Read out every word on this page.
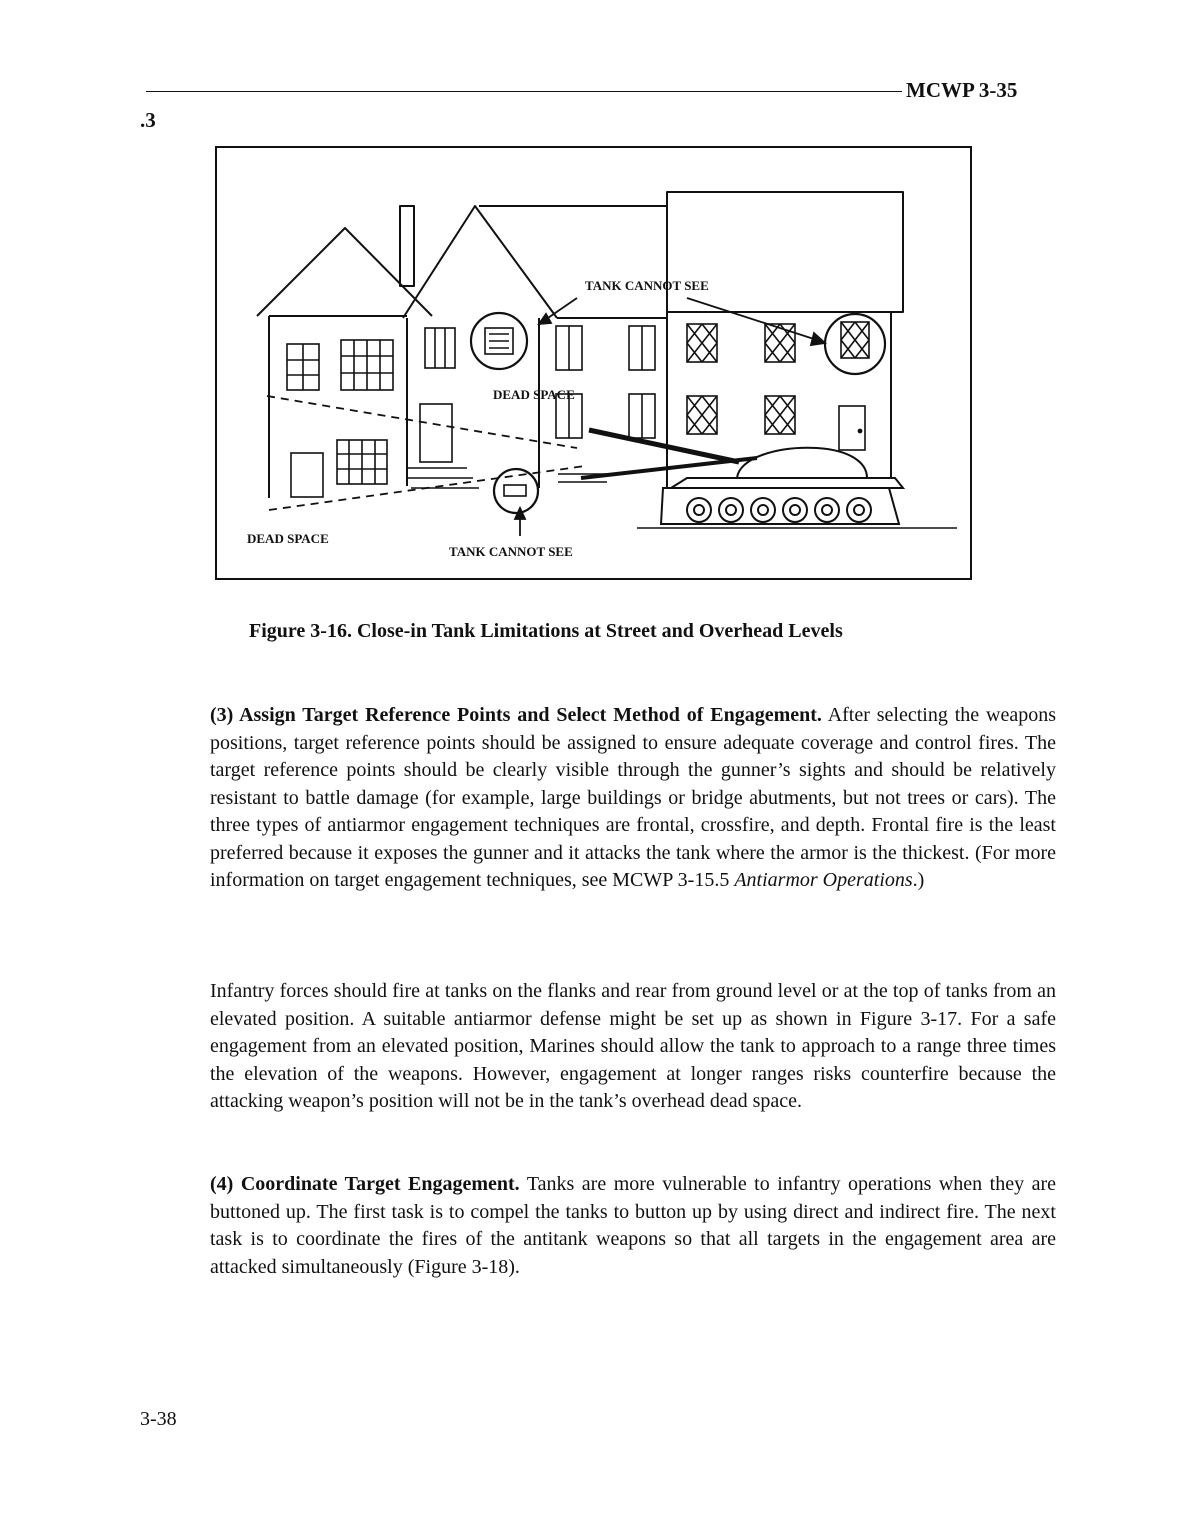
MCWP 3-35
.3
TANK CANNOT SEE
DEAD SPACE
DEAD SPACE
TANK CANNOT SEE
Figure 3-16. Close-in Tank Limitations at Street and Overhead Levels

(3) Assign Target Reference Points and Select Method of Engagement. After selecting the weapons positions, target reference points should be assigned to ensure adequate coverage and control fires. The target reference points should be clearly visible through the gunner’s sights and should be relatively resistant to battle damage (for example, large buildings or bridge abutments, but not trees or cars). The three types of antiarmor engagement techniques are frontal, crossfire, and depth. Frontal fire is the least preferred because it exposes the gunner and it attacks the tank where the armor is the thickest. (For more information on target engagement techniques, see MCWP 3-15.5 Antiarmor Operations.)

Infantry forces should fire at tanks on the flanks and rear from ground level or at the top of tanks from an elevated position. A suitable antiarmor defense might be set up as shown in Figure 3-17. For a safe engagement from an elevated position, Marines should allow the tank to approach to a range three times the elevation of the weapons. However, engagement at longer ranges risks counterfire because the attacking weapon’s position will not be in the tank’s overhead dead space.

(4) Coordinate Target Engagement. Tanks are more vulnerable to infantry operations when they are buttoned up. The first task is to compel the tanks to button up by using direct and indirect fire. The next task is to coordinate the fires of the antitank weapons so that all targets in the engagement area are attacked simultaneously (Figure 3-18).

3-38
